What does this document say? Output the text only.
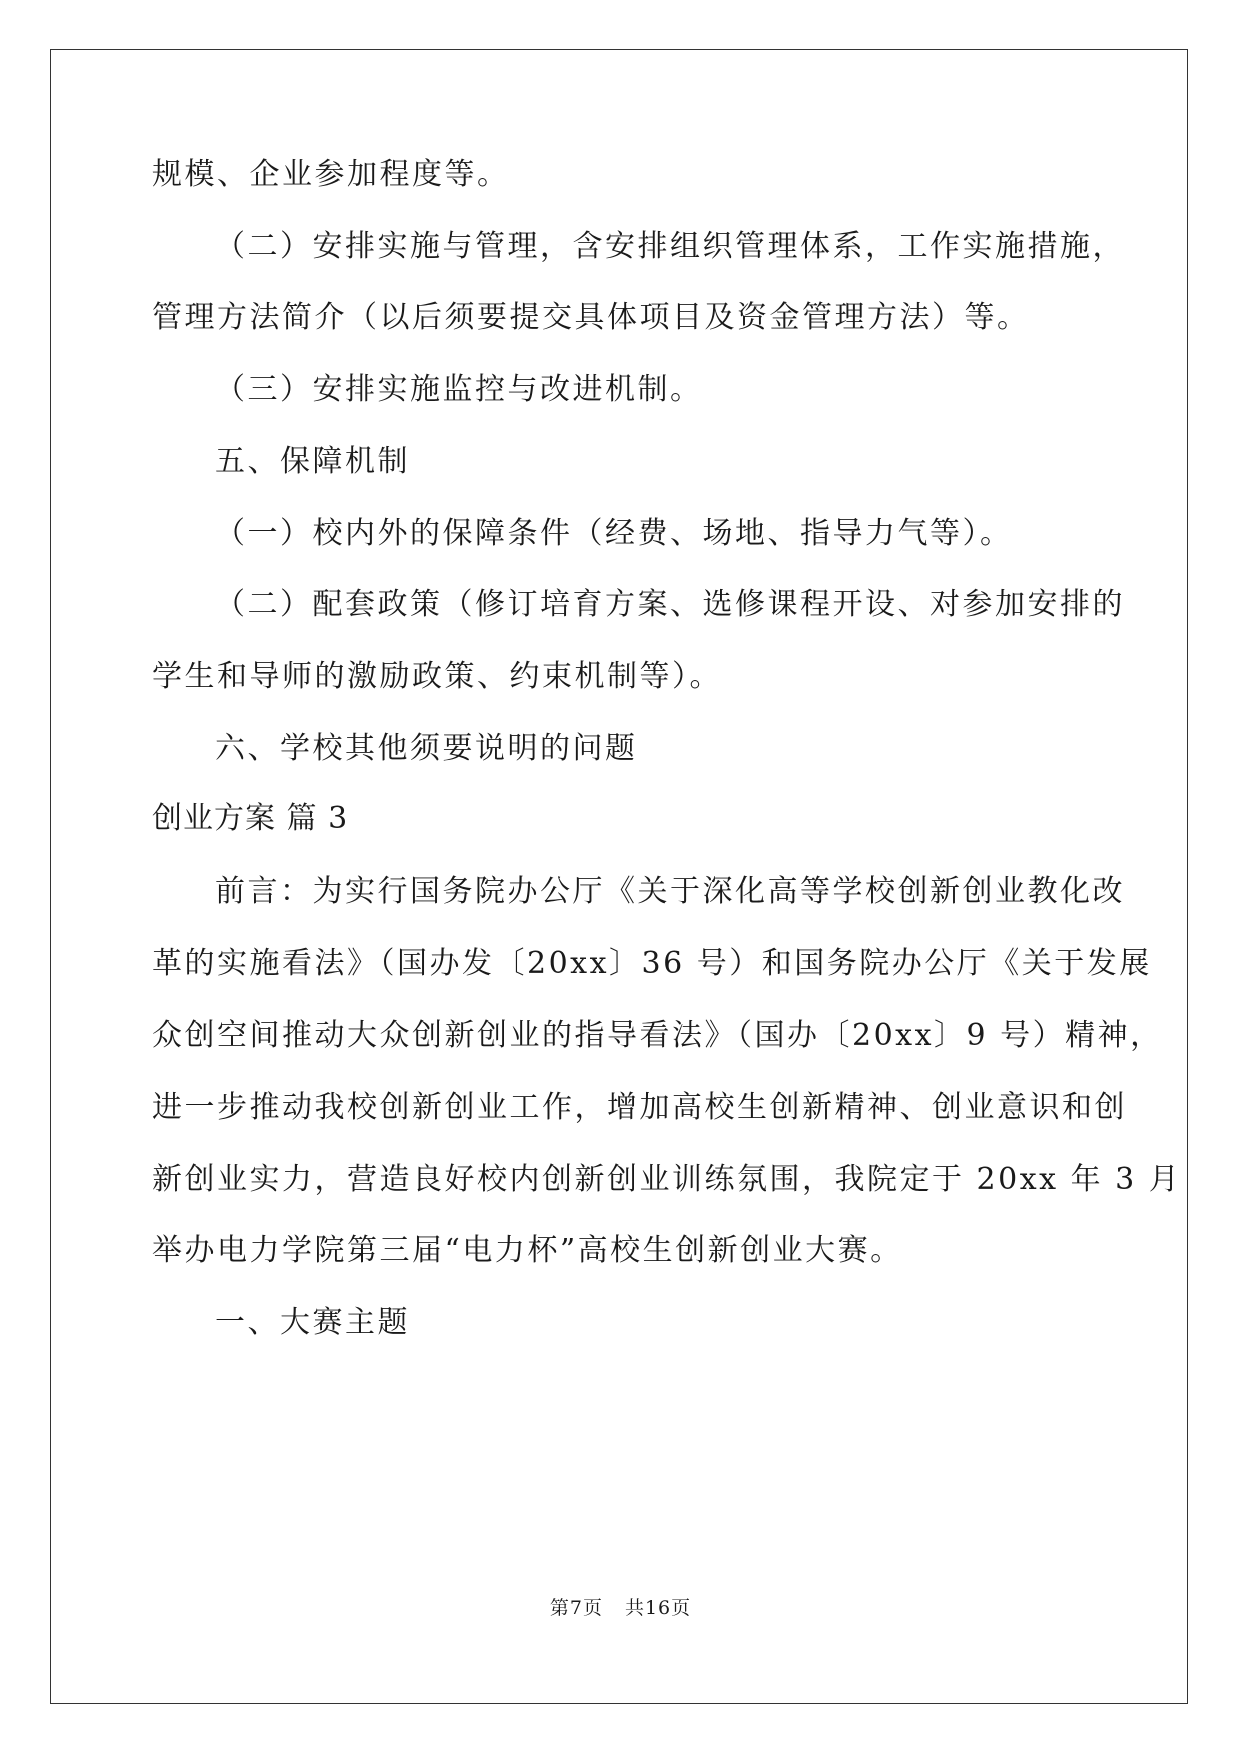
规模、企业参加程度等。
（二）安排实施与管理，含安排组织管理体系，工作实施措施，
管理方法简介（以后须要提交具体项目及资金管理方法）等。
（三）安排实施监控与改进机制。
五、保障机制
（一）校内外的保障条件（经费、场地、指导力气等）。
（二）配套政策（修订培育方案、选修课程开设、对参加安排的
学生和导师的激励政策、约束机制等）。
六、学校其他须要说明的问题
创业方案 篇 3
前言：为实行国务院办公厅《关于深化高等学校创新创业教化改
革的实施看法》（国办发〔20xx〕36 号）和国务院办公厅《关于发展
众创空间推动大众创新创业的指导看法》（国办〔20xx〕9 号）精神，
进一步推动我校创新创业工作，增加高校生创新精神、创业意识和创
新创业实力，营造良好校内创新创业训练氛围，我院定于 20xx 年 3 月
举办电力学院第三届“电力杯”高校生创新创业大赛。
一、大赛主题
第7页 共16页
